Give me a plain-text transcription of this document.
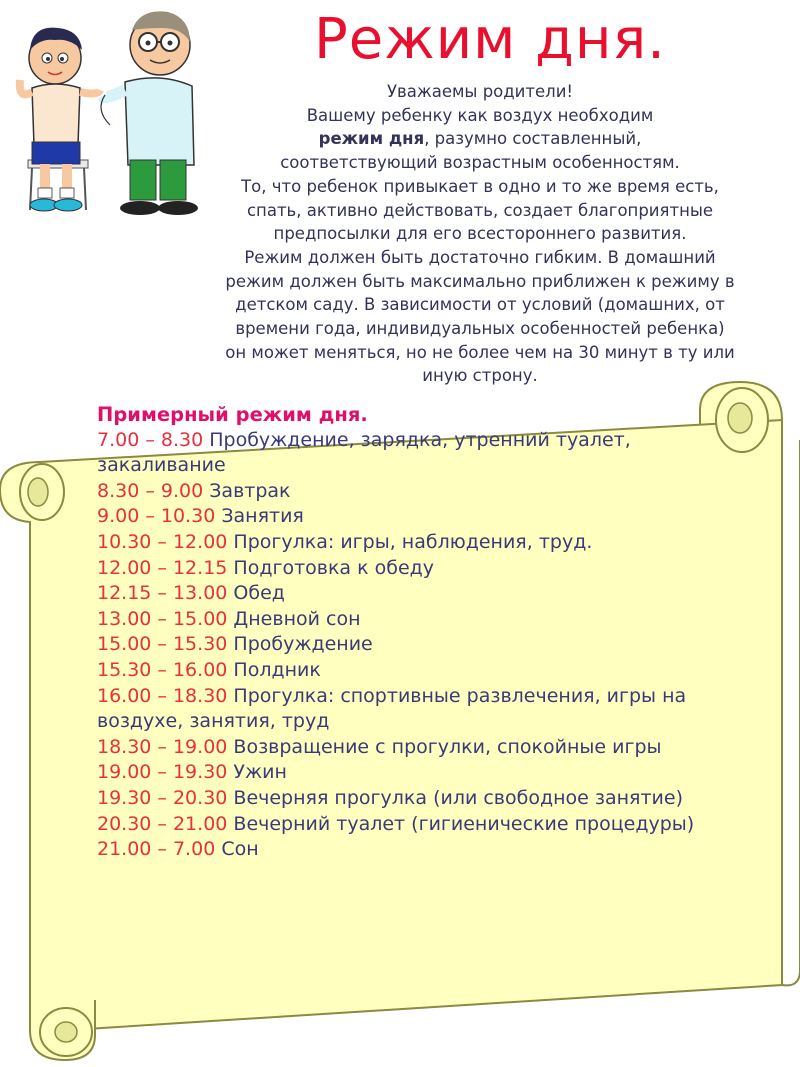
Режим дня.
Уважаемы родители!
Вашему ребенку как воздух необходим
режим дня, разумно составленный,
соответствующий возрастным особенностям.
То, что ребенок привыкает в одно и то же время есть,
спать, активно действовать, создает благоприятные
предпосылки для его всестороннего развития.
Режим должен быть достаточно гибким. В домашний
режим должен быть максимально приближен к режиму в
детском саду. В зависимости от условий (домашних, от
времени года, индивидуальных особенностей ребенка)
он может меняться, но не более чем на 30 минут в ту или
иную строну.
Примерный режим дня.
7.00 – 8.30 Пробуждение, зарядка, утренний туалет, закаливание
8.30 – 9.00 Завтрак
9.00 – 10.30 Занятия
10.30 – 12.00 Прогулка: игры, наблюдения, труд.
12.00 – 12.15 Подготовка к обеду
12.15 – 13.00 Обед
13.00 – 15.00 Дневной сон
15.00 – 15.30 Пробуждение
15.30 – 16.00 Полдник
16.00 – 18.30 Прогулка: спортивные развлечения, игры на
воздухе, занятия, труд
18.30 – 19.00 Возвращение с прогулки, спокойные игры
19.00 – 19.30 Ужин
19.30 – 20.30 Вечерняя прогулка (или свободное занятие)
20.30 – 21.00 Вечерний туалет (гигиенические процедуры)
21.00 – 7.00 Сон
